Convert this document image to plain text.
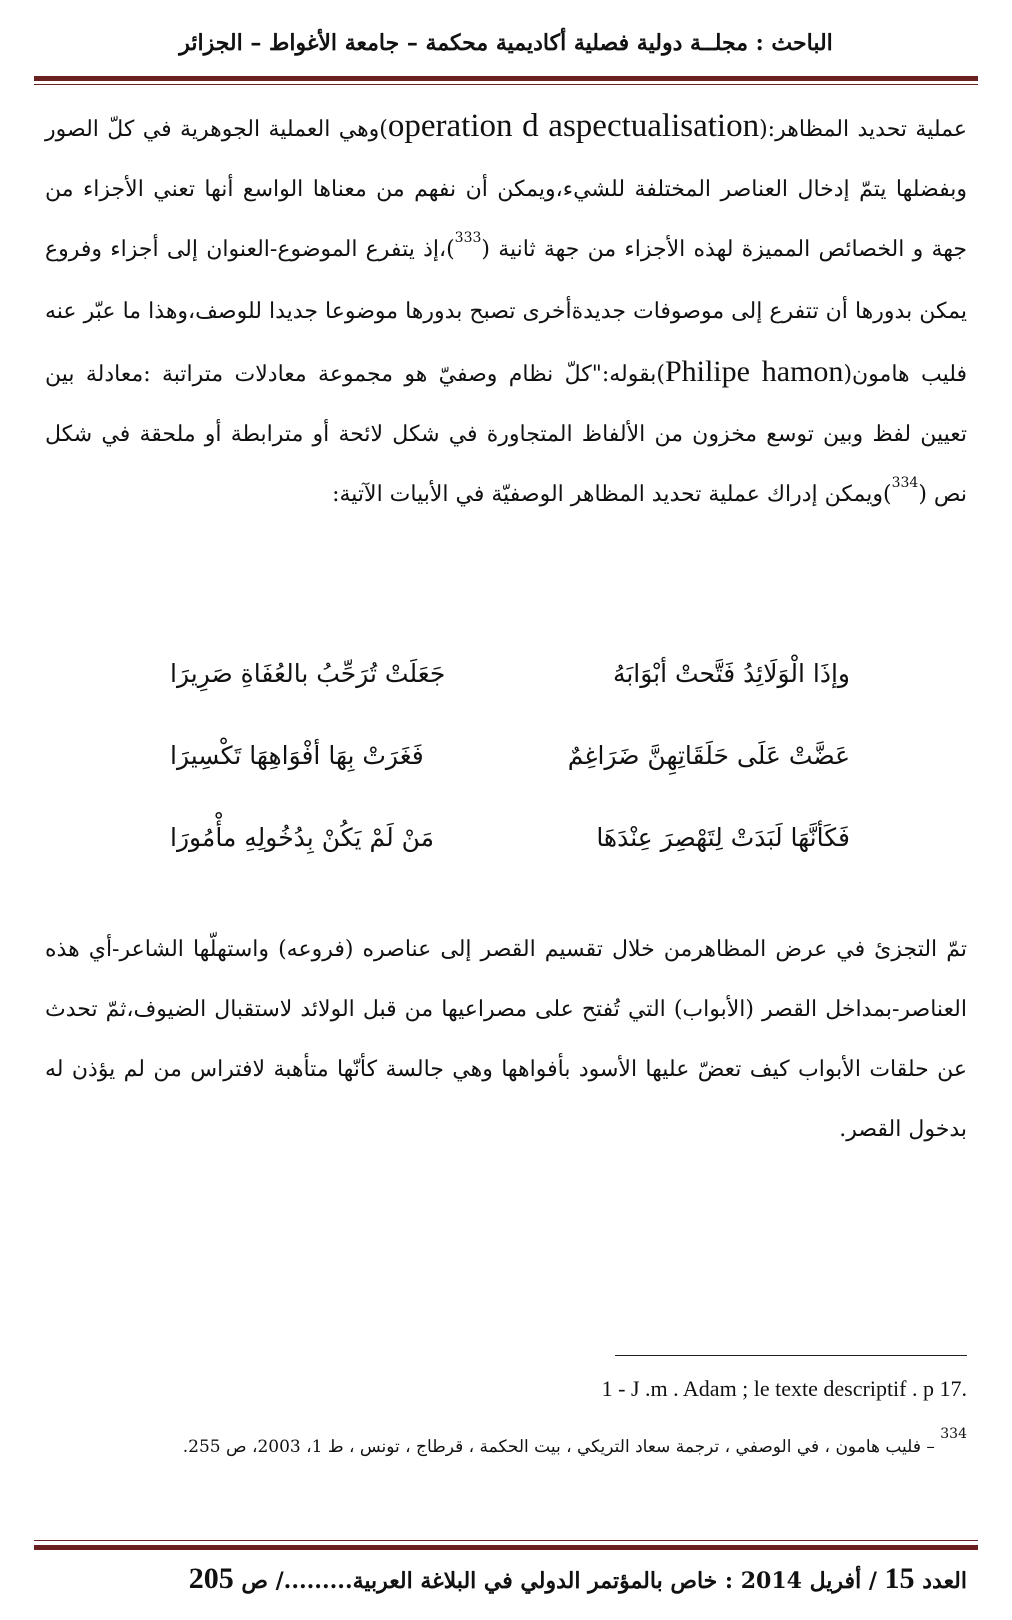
الباحث : مجلــة دولية فصلية أكاديمية محكمة – جامعة الأغواط – الجزائر
عملية تحديد المظاهر:(operation d aspectualisation)وهي العملية الجوهرية في كلّ الصور وبفضلها يتمّ إدخال العناصر المختلفة للشيء،ويمكن أن نفهم من معناها الواسع أنها تعني الأجزاء من جهة و الخصائص المميزة لهذه الأجزاء من جهة ثانية ($^{333}$)،إذ يتفرع الموضوع-العنوان إلى أجزاء وفروع يمكن بدورها أن تتفرع إلى موصوفات جديدةأخرى تصبح بدورها موضوعا جديدا للوصف،وهذا ما عبّر عنه فليب هامون(Philipe hamon)بقوله:"كلّ نظام وصفيّ هو مجموعة معادلات متراتبة :معادلة بين تعيين لفظ وبين توسع مخزون من الألفاظ المتجاورة في شكل لائحة أو مترابطة أو ملحقة في شكل نص ($^{334}$)ويمكن إدراك عملية تحديد المظاهر الوصفيّة في الأبيات الآتية:
وإذَا الْوَلَائِدُ فَتَّحتْ أبْوَابَهُ
جَعَلَتْ تُرَحِّبُ بالعُفَاةِ صَرِيرَا
عَضَّتْ عَلَى حَلَقَاتِهِنَّ ضَرَاغِمٌ
فَغَرَتْ بِهَا أفْوَاهِهَا تَكْسِيرَا
فَكَأنَّهَا لَبَدَتْ لِتَهْصِرَ عِنْدَهَا
مَنْ لَمْ يَكُنْ بِدُخُولِهِ مأْمُورَا
تمّ التجزئ في عرض المظاهرمن خلال تقسيم القصر إلى عناصره (فروعه) واستهلّها الشاعر-أي هذه العناصر-بمداخل القصر (الأبواب) التي تُفتح على مصراعيها من قبل الولائد لاستقبال الضيوف،ثمّ تحدث عن حلقات الأبواب كيف تعضّ عليها الأسود بأفواهها وهي جالسة كأنّها متأهبة لافتراس من لم يؤذن له بدخول القصر.
1 - J .m . Adam ; le texte descriptif . p 17.
$^{334}$ – فليب هامون ، في الوصفي ، ترجمة سعاد التريكي ، بيت الحكمة ، قرطاج ، تونس ، ط 1، 2003، ص 255.
العدد 15 / أفريل 2014 : خاص بالمؤتمر الدولي في البلاغة العربية........./ ص 205
